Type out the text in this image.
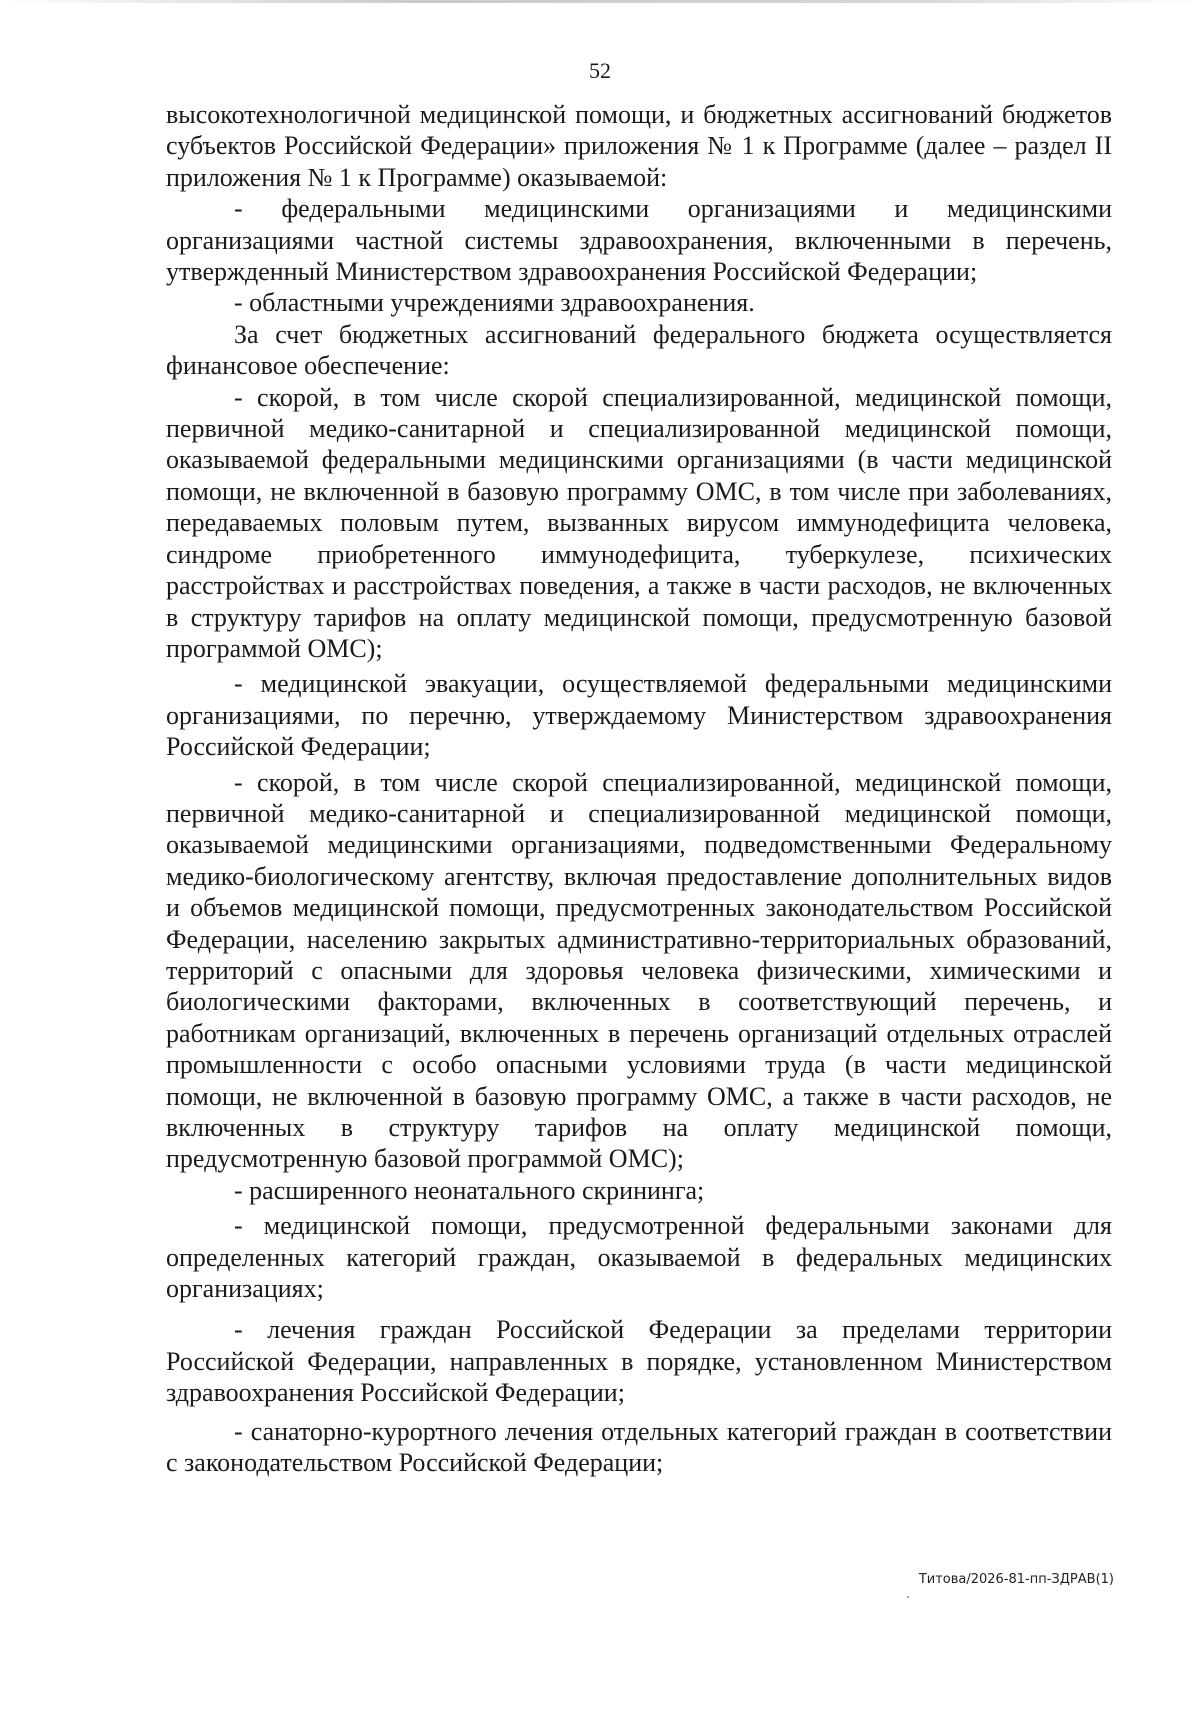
52

высокотехнологичной медицинской помощи, и бюджетных ассигнований бюджетов субъектов Российской Федерации» приложения № 1 к Программе (далее – раздел II приложения № 1 к Программе) оказываемой:

- федеральными медицинскими организациями и медицинскими организациями частной системы здравоохранения, включенными в перечень, утвержденный Министерством здравоохранения Российской Федерации;

- областными учреждениями здравоохранения.

За счет бюджетных ассигнований федерального бюджета осуществляется финансовое обеспечение:

- скорой, в том числе скорой специализированной, медицинской помощи, первичной медико-санитарной и специализированной медицинской помощи, оказываемой федеральными медицинскими организациями (в части медицинской помощи, не включенной в базовую программу ОМС, в том числе при заболеваниях, передаваемых половым путем, вызванных вирусом иммунодефицита человека, синдроме приобретенного иммунодефицита, туберкулезе, психических расстройствах и расстройствах поведения, а также в части расходов, не включенных в структуру тарифов на оплату медицинской помощи, предусмотренную базовой программой ОМС);

- медицинской эвакуации, осуществляемой федеральными медицинскими организациями, по перечню, утверждаемому Министерством здравоохранения Российской Федерации;

- скорой, в том числе скорой специализированной, медицинской помощи, первичной медико-санитарной и специализированной медицинской помощи, оказываемой медицинскими организациями, подведомственными Федеральному медико-биологическому агентству, включая предоставление дополнительных видов и объемов медицинской помощи, предусмотренных законодательством Российской Федерации, населению закрытых административно-территориальных образований, территорий с опасными для здоровья человека физическими, химическими и биологическими факторами, включенных в соответствующий перечень, и работникам организаций, включенных в перечень организаций отдельных отраслей промышленности с особо опасными условиями труда (в части медицинской помощи, не включенной в базовую программу ОМС, а также в части расходов, не включенных в структуру тарифов на оплату медицинской помощи, предусмотренную базовой программой ОМС);

- расширенного неонатального скрининга;

- медицинской помощи, предусмотренной федеральными законами для определенных категорий граждан, оказываемой в федеральных медицинских организациях;

- лечения граждан Российской Федерации за пределами территории Российской Федерации, направленных в порядке, установленном Министерством здравоохранения Российской Федерации;

- санаторно-курортного лечения отдельных категорий граждан в соответствии с законодательством Российской Федерации;

Титова/2026-81-пп-ЗДРАВ(1)
